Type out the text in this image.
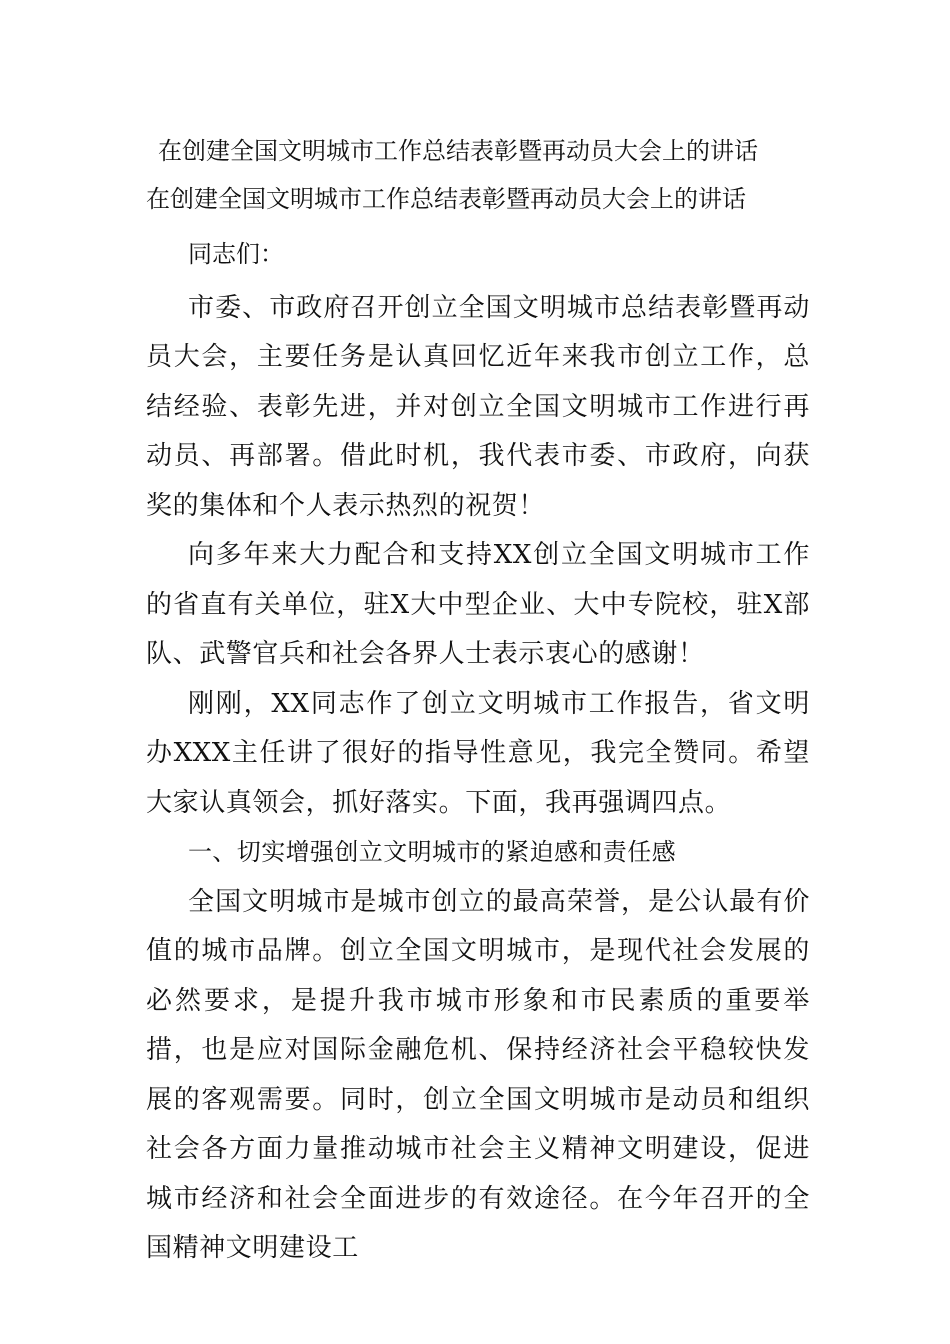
在创建全国文明城市工作总结表彰暨再动员大会上的讲话
在创建全国文明城市工作总结表彰暨再动员大会上的讲话

同志们：

市委、市政府召开创立全国文明城市总结表彰暨再动员大会，主要任务是认真回忆近年来我市创立工作，总结经验、表彰先进，并对创立全国文明城市工作进行再动员、再部署。借此时机，我代表市委、市政府，向获奖的集体和个人表示热烈的祝贺！

向多年来大力配合和支持XX创立全国文明城市工作的省直有关单位，驻X大中型企业、大中专院校，驻X部队、武警官兵和社会各界人士表示衷心的感谢！

刚刚，XX同志作了创立文明城市工作报告，省文明办XXX主任讲了很好的指导性意见，我完全赞同。希望大家认真领会，抓好落实。下面，我再强调四点。

一、切实增强创立文明城市的紧迫感和责任感

全国文明城市是城市创立的最高荣誉，是公认最有价值的城市品牌。创立全国文明城市，是现代社会发展的必然要求，是提升我市城市形象和市民素质的重要举措，也是应对国际金融危机、保持经济社会平稳较快发展的客观需要。同时，创立全国文明城市是动员和组织社会各方面力量推动城市社会主义精神文明建设，促进城市经济和社会全面进步的有效途径。在今年召开的全国精神文明建设工
